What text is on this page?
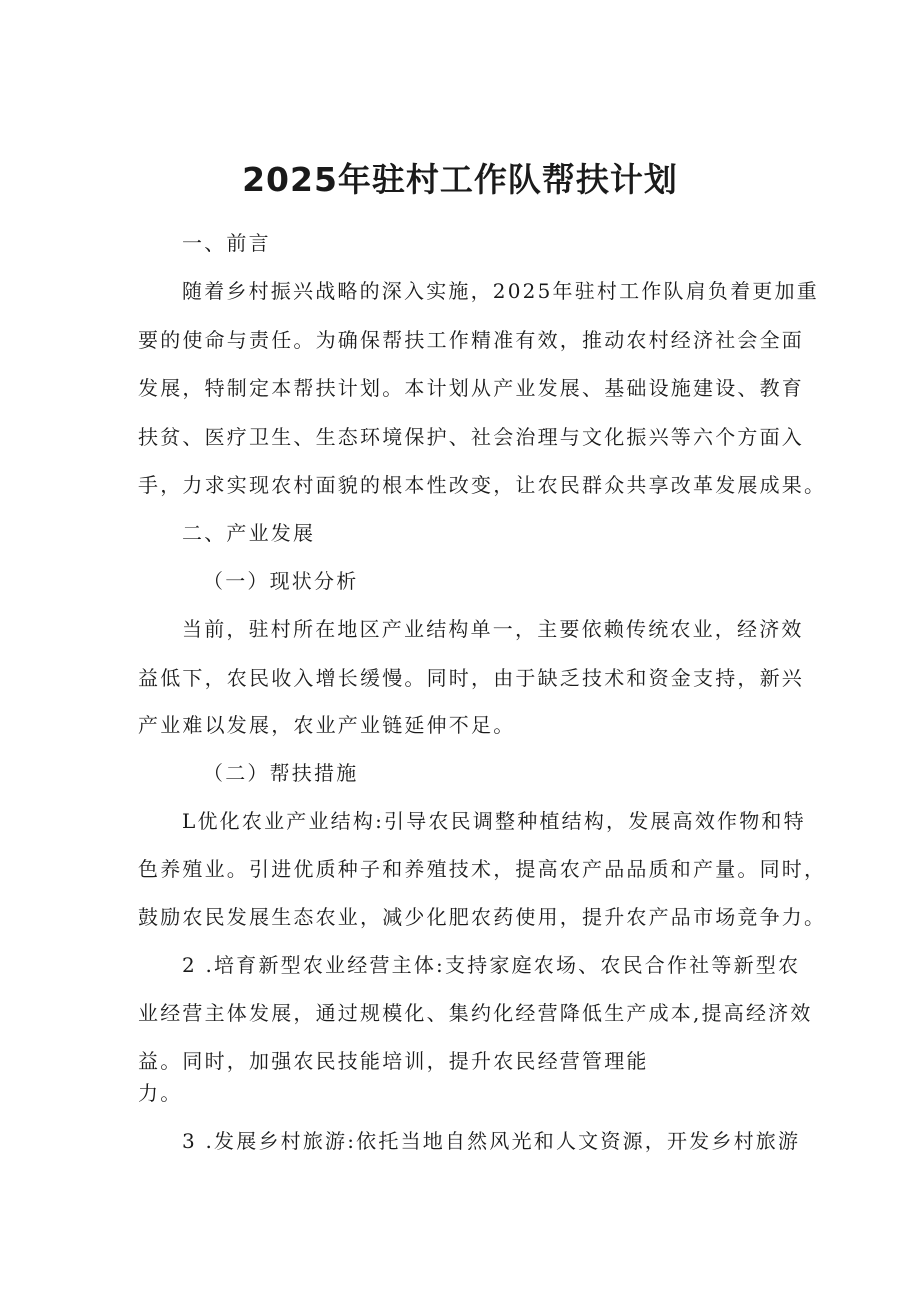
2025年驻村工作队帮扶计划
一、前言
随着乡村振兴战略的深入实施，2025年驻村工作队肩负着更加重
要的使命与责任。为确保帮扶工作精准有效，推动农村经济社会全面
发展，特制定本帮扶计划。本计划从产业发展、基础设施建设、教育
扶贫、医疗卫生、生态环境保护、社会治理与文化振兴等六个方面入
手，力求实现农村面貌的根本性改变，让农民群众共享改革发展成果。
二、产业发展
（一）现状分析
当前，驻村所在地区产业结构单一，主要依赖传统农业，经济效
益低下，农民收入增长缓慢。同时，由于缺乏技术和资金支持，新兴
产业难以发展，农业产业链延伸不足。
（二）帮扶措施
L优化农业产业结构:引导农民调整种植结构，发展高效作物和特
色养殖业。引进优质种子和养殖技术，提高农产品品质和产量。同时，
鼓励农民发展生态农业，减少化肥农药使用，提升农产品市场竞争力。
2 .培育新型农业经营主体:支持家庭农场、农民合作社等新型农
业经营主体发展，通过规模化、集约化经营降低生产成本,提高经济效
益。同时，加强农民技能培训，提升农民经营管理能
力。
3 .发展乡村旅游:依托当地自然风光和人文资源，开发乡村旅游
